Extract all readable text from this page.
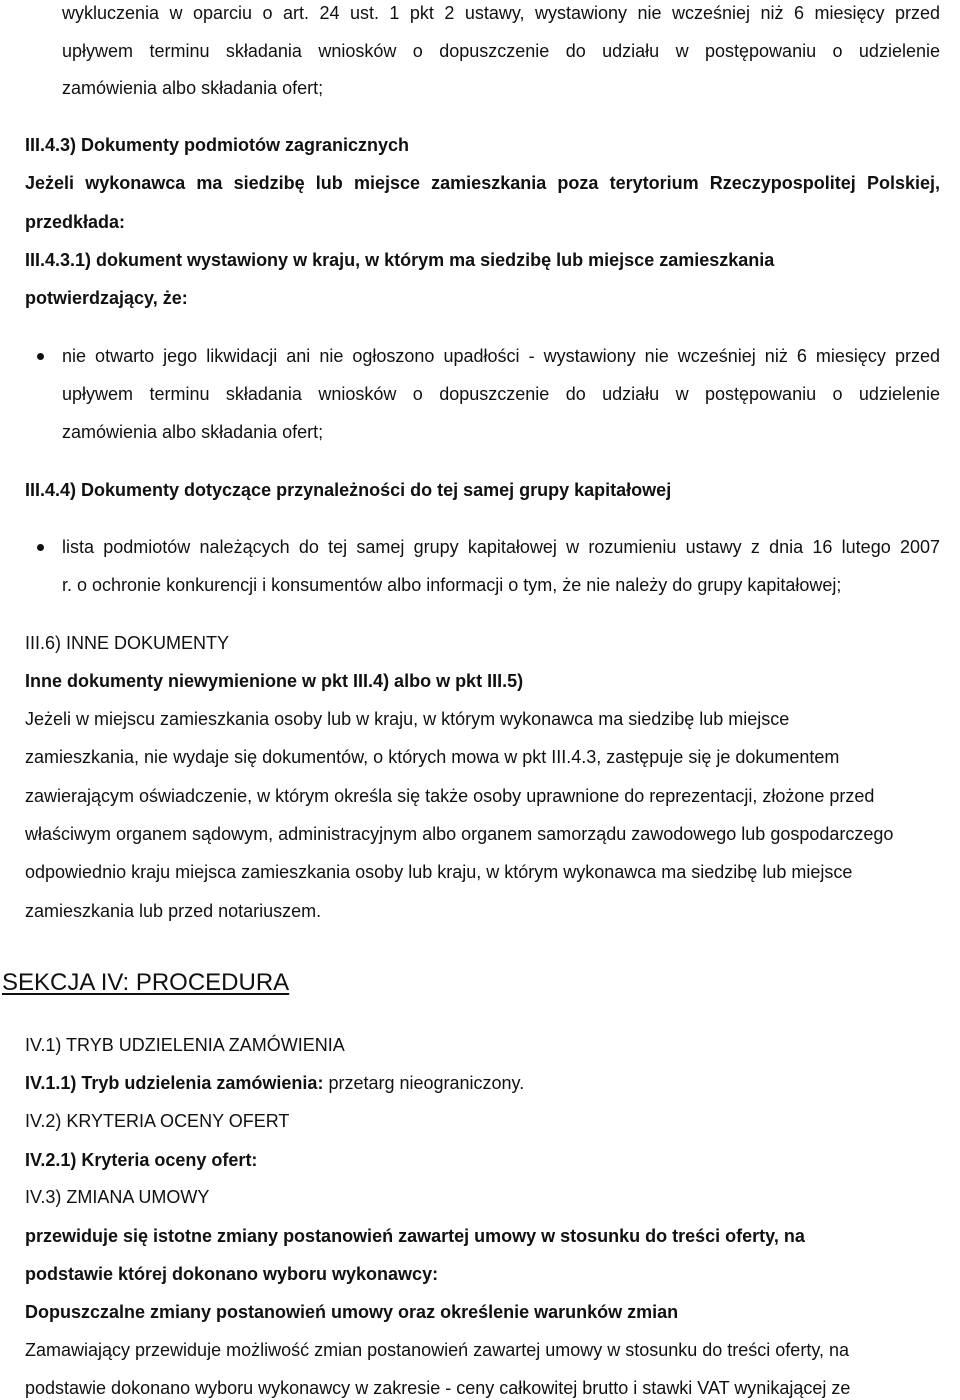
wykluczenia w oparciu o art. 24 ust. 1 pkt 2 ustawy, wystawiony nie wcześniej niż 6 miesięcy przed
upływem terminu składania wniosków o dopuszczenie do udziału w postępowaniu o udzielenie
zamówienia albo składania ofert;
III.4.3) Dokumenty podmiotów zagranicznych
Jeżeli wykonawca ma siedzibę lub miejsce zamieszkania poza terytorium Rzeczypospolitej Polskiej,
przedkłada:
III.4.3.1) dokument wystawiony w kraju, w którym ma siedzibę lub miejsce zamieszkania
potwierdzający, że:
nie otwarto jego likwidacji ani nie ogłoszono upadłości - wystawiony nie wcześniej niż 6 miesięcy przed
upływem terminu składania wniosków o dopuszczenie do udziału w postępowaniu o udzielenie
zamówienia albo składania ofert;
III.4.4) Dokumenty dotyczące przynależności do tej samej grupy kapitałowej
lista podmiotów należących do tej samej grupy kapitałowej w rozumieniu ustawy z dnia 16 lutego 2007
r. o ochronie konkurencji i konsumentów albo informacji o tym, że nie należy do grupy kapitałowej;
III.6) INNE DOKUMENTY
Inne dokumenty niewymienione w pkt III.4) albo w pkt III.5)
Jeżeli w miejscu zamieszkania osoby lub w kraju, w którym wykonawca ma siedzibę lub miejsce
zamieszkania, nie wydaje się dokumentów, o których mowa w pkt III.4.3, zastępuje się je dokumentem
zawierającym oświadczenie, w którym określa się także osoby uprawnione do reprezentacji, złożone przed
właściwym organem sądowym, administracyjnym albo organem samorządu zawodowego lub gospodarczego
odpowiednio kraju miejsca zamieszkania osoby lub kraju, w którym wykonawca ma siedzibę lub miejsce
zamieszkania lub przed notariuszem.
SEKCJA IV: PROCEDURA
IV.1) TRYB UDZIELENIA ZAMÓWIENIA
IV.1.1) Tryb udzielenia zamówienia: przetarg nieograniczony.
IV.2) KRYTERIA OCENY OFERT
IV.2.1) Kryteria oceny ofert:
IV.3) ZMIANA UMOWY
przewiduje się istotne zmiany postanowień zawartej umowy w stosunku do treści oferty, na
podstawie której dokonano wyboru wykonawcy:
Dopuszczalne zmiany postanowień umowy oraz określenie warunków zmian
Zamawiający przewiduje możliwość zmian postanowień zawartej umowy w stosunku do treści oferty, na
podstawie dokonano wyboru wykonawcy w zakresie - ceny całkowitej brutto i stawki VAT wynikającej ze
